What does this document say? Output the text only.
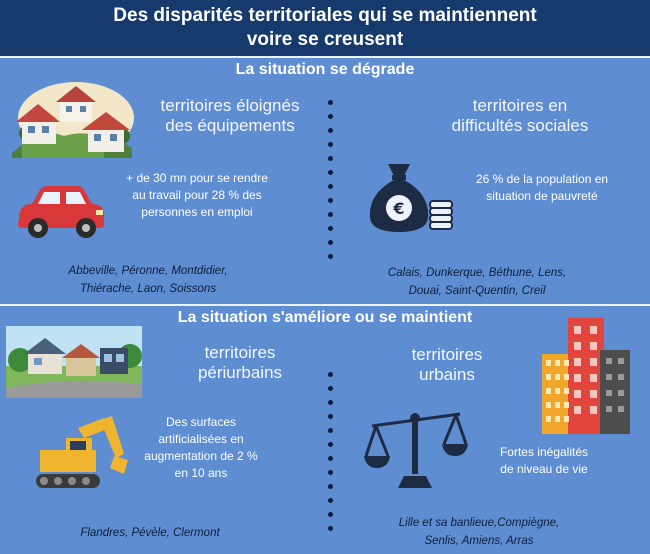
Des disparités territoriales qui se maintiennent
voire se creusent
La situation se dégrade
territoires éloignés
des équipements
+ de 30 mn pour se rendre
au travail pour 28 % des
personnes en emploi
Abbeville, Péronne, Montdidier,
Thiérache, Laon, Soissons
territoires en
difficultés sociales
€
26 % de la population en
situation de pauvreté
Calais, Dunkerque, Béthune, Lens,
Douai, Saint-Quentin, Creil
La situation s'améliore ou se maintient
territoires
périurbains
Des surfaces
artificialisées en
augmentation de 2 %
en 10 ans
Flandres, Pévèle, Clermont
territoires
urbains
Fortes inégalités
de niveau de vie
Lille et sa banlieue,Compiègne,
Senlis, Amiens, Arras
